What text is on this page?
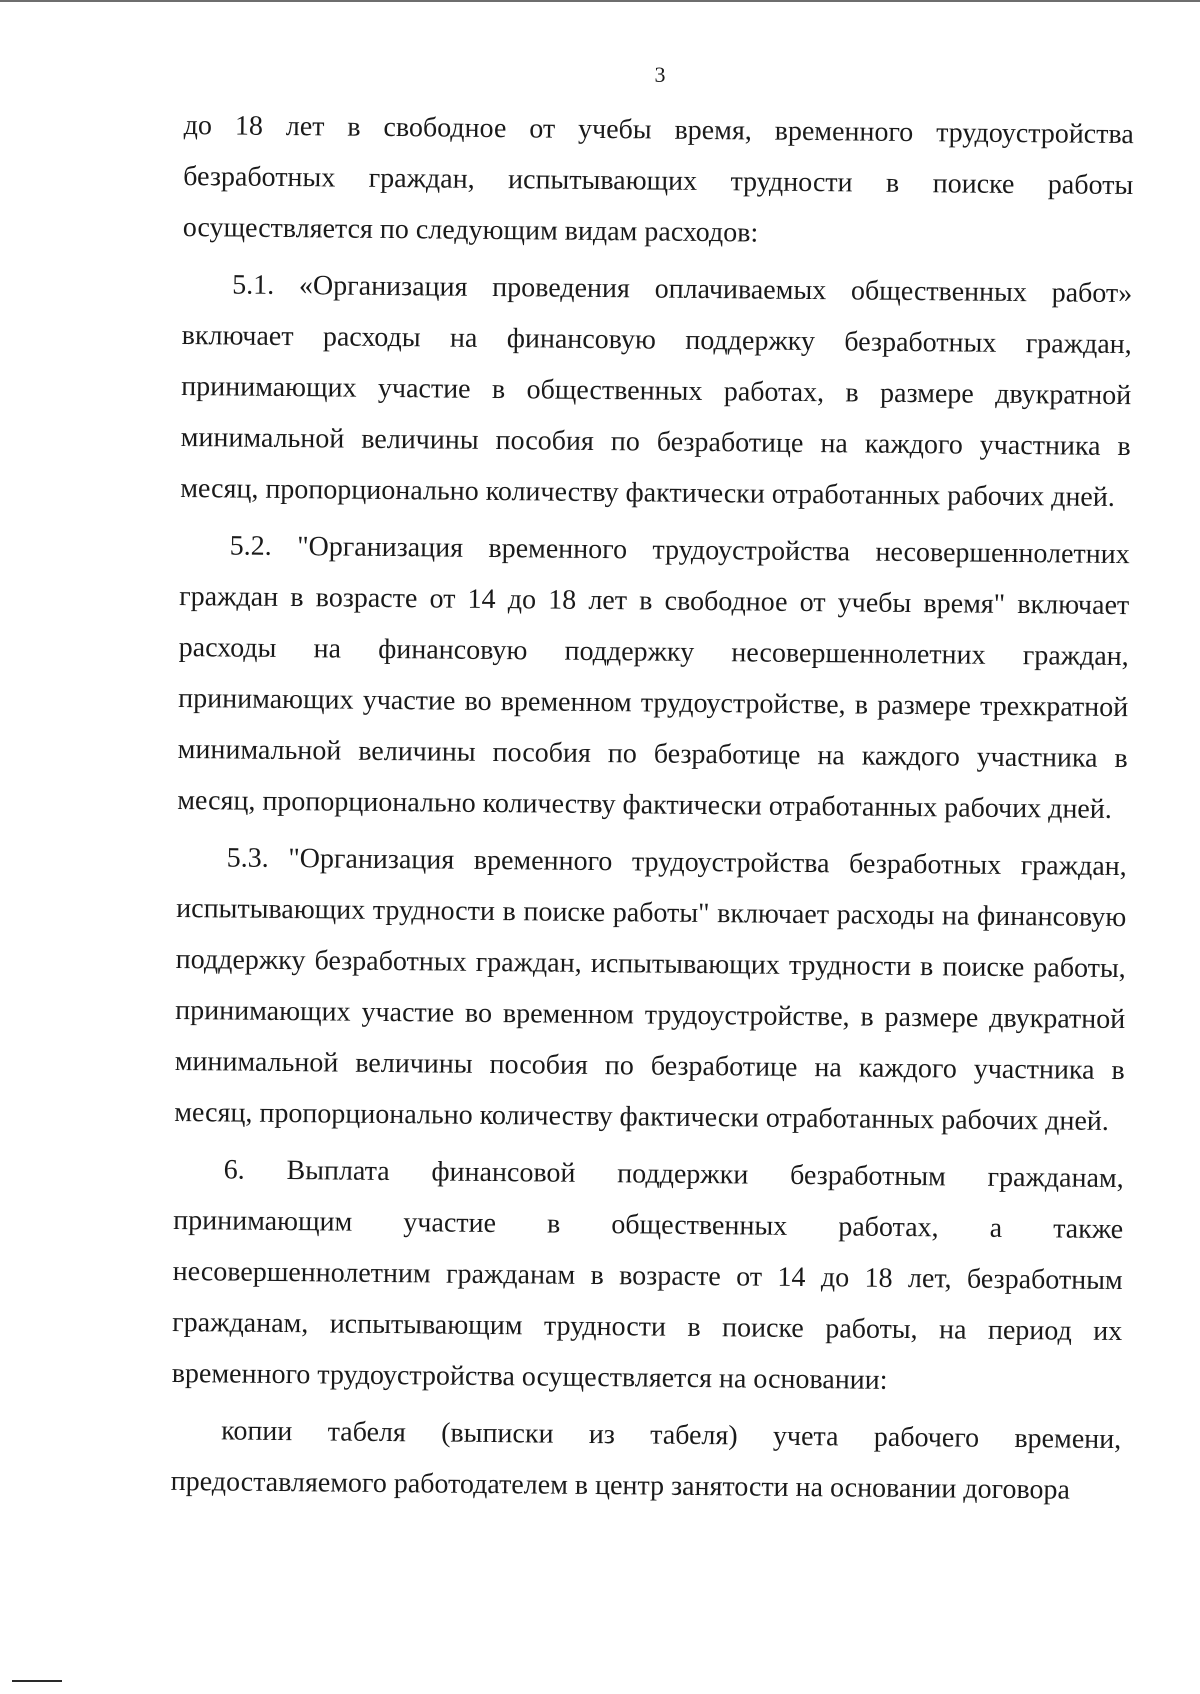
3

до 18 лет в свободное от учебы время, временного трудоустройства безработных граждан, испытывающих трудности в поиске работы осуществляется по следующим видам расходов:

5.1. «Организация проведения оплачиваемых общественных работ» включает расходы на финансовую поддержку безработных граждан, принимающих участие в общественных работах, в размере двукратной минимальной величины пособия по безработице на каждого участника в месяц, пропорционально количеству фактически отработанных рабочих дней.

5.2. "Организация временного трудоустройства несовершеннолетних граждан в возрасте от 14 до 18 лет в свободное от учебы время" включает расходы на финансовую поддержку несовершеннолетних граждан, принимающих участие во временном трудоустройстве, в размере трехкратной минимальной величины пособия по безработице на каждого участника в месяц, пропорционально количеству фактически отработанных рабочих дней.

5.3. "Организация временного трудоустройства безработных граждан, испытывающих трудности в поиске работы" включает расходы на финансовую поддержку безработных граждан, испытывающих трудности в поиске работы, принимающих участие во временном трудоустройстве, в размере двукратной минимальной величины пособия по безработице на каждого участника в месяц, пропорционально количеству фактически отработанных рабочих дней.

6. Выплата финансовой поддержки безработным гражданам, принимающим участие в общественных работах, а также несовершеннолетним гражданам в возрасте от 14 до 18 лет, безработным гражданам, испытывающим трудности в поиске работы, на период их временного трудоустройства осуществляется на основании:

копии табеля (выписки из табеля) учета рабочего времени, предоставляемого работодателем в центр занятости на основании договора
